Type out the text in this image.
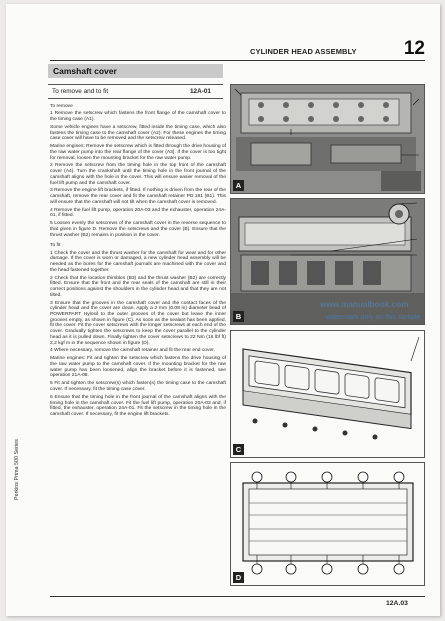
CYLINDER HEAD ASSEMBLY 12
Camshaft cover
To remove and to fit	12A-01

To remove

1 Remove the setscrew which fastens the front flange of the camshaft cover to the timing case (A1).

Some vehicle engines have a setscrew, fitted inside the timing case, which also fastens the timing case to the camshaft cover (A2). For these engines the timing case cover will have to be removed and the setscrew released.

Marine engines: Remove the setscrew which is fitted through the drive housing of the raw water pump into the rear flange of the cover (A3). If the cover is too tight for removal, loosen the mounting bracket for the raw water pump.

2 Remove the setscrew from the timing hole in the top front of the camshaft cover (A4). Turn the crankshaft until the timing hole in the front journal of the camshaft aligns with the hole in the cover. This will ensure easier removal of the fuel lift pump and the camshaft cover.

3 Remove the engine lift brackets, if fitted. If nothing is driven from the rear of the camshaft, remove the rear cover and fit the camshaft retainer PD.181 (B1). This will ensure that the camshaft will not tilt when the camshaft cover is removed.

4 Remove the fuel lift pump, operation 20A-03 and the exhauster, operation 24A-01, if fitted.

5 Loosen evenly the setscrews of the camshaft cover in the reverse sequence to that given in figure D. Remove the setscrews and the cover (B). Ensure that the thrust washer (B2) remains in position in the cover.

To fit

1 Check the cover and the thrust washer for the camshaft for wear and for other damage. If the cover is worn or damaged, a new cylinder head assembly will be needed as the bores for the camshaft journals are machined with the cover and the head fastened together.

2 Check that the location thimbles (B3) and the thrust washer (B2) are correctly fitted. Ensure that the front and the rear seals of the camshaft are still in their correct positions against the shoulders in the cylinder head and that they are not tilted.

3 Ensure that the grooves in the camshaft cover and the contact faces of the cylinder head and the cover are clean. Apply a 2 mm (0.08 in) diameter bead of POWERPART Hylosil to the outer grooves of the cover but leave the inner grooves empty, as shown in figure (C). As soon as the sealant has been applied, fit the cover. Fit the cover setscrews with the longer setscrews at each end of the cover. Gradually tighten the setscrews to keep the cover parallel to the cylinder head as it is pulled down. Finally tighten the cover setscrews to 22 Nm (16 lbf ft) 2,2 kgf m in the sequence shown in figure (D).

4 Where necessary, remove the camshaft retainer and fit the rear end cover.

Marine engines: Fit and tighten the setscrew which fastens the drive housing of the raw water pump to the camshaft cover. If the mounting bracket for the raw water pump has been loosened, align the bracket before it is fastened, see operation 21A-08.

5 Fit and tighten the setscrew(s) which fasten(s) the timing case to the camshaft cover. If necessary, fit the timing case cover.

6 Ensure that the timing hole in the front journal of the camshaft aligns with the timing hole in the camshaft cover. Fit the fuel lift pump, operation 20A-03 and, if fitted, the exhauster, operation 24A-01. Fit the setscrew in the timing hole in the camshaft cover. If necessary, fit the engine lift brackets.

A
B
C
D
www.manualbook.com
watermark only on this sample
Perkins Prima 500 Series
12A.03
